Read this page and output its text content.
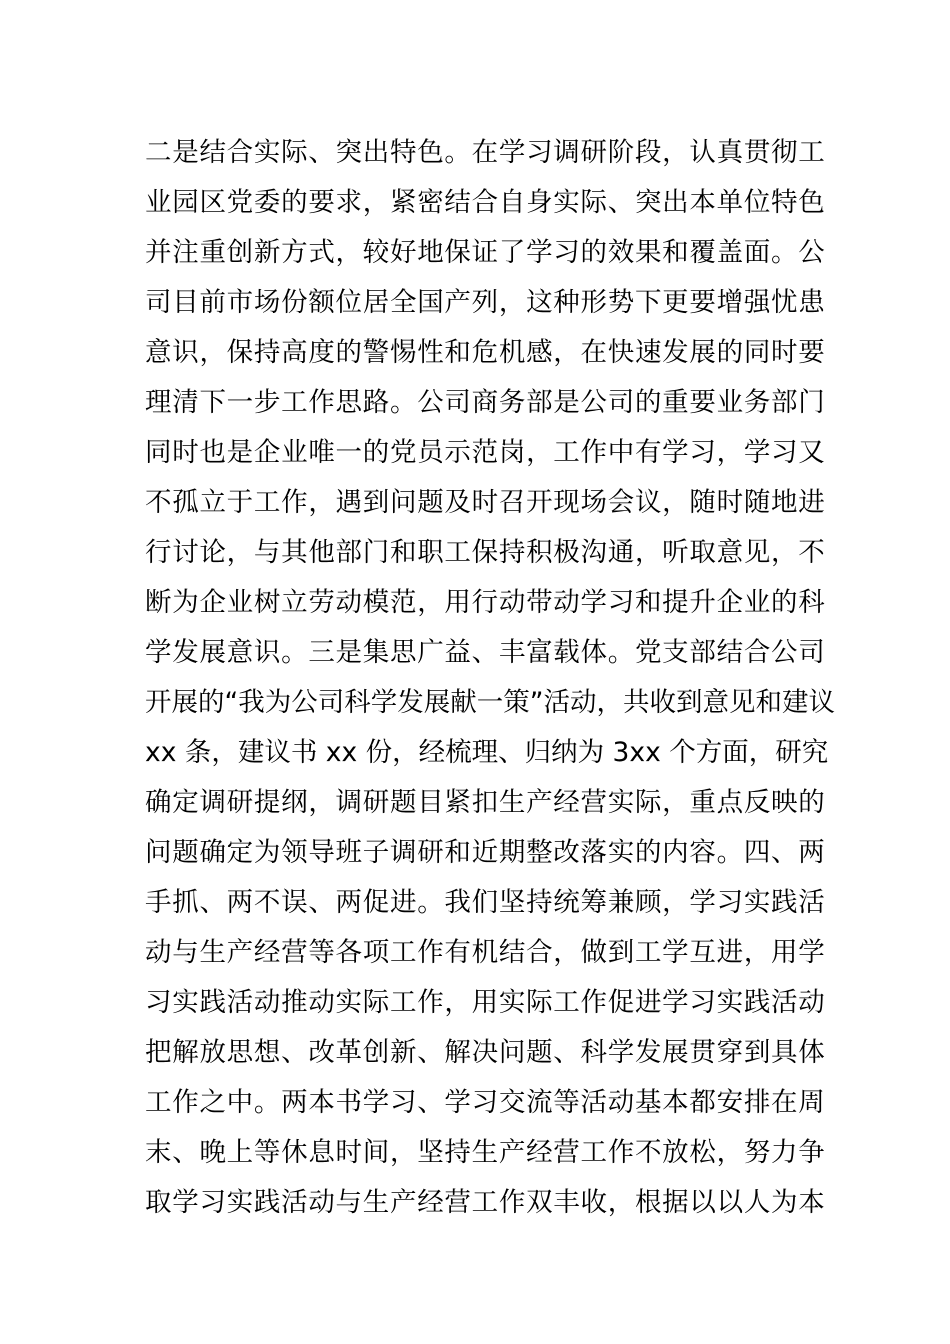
二 是 结 合 实 际 、 突 出 特 色 。 在 学 习 调 研 阶 段 ， 认 真 贯 彻 工
业 园 区 党 委 的 要 求 ， 紧 密 结 合 自 身 实 际 、 突 出 本 单 位 特 色
并 注 重 创 新 方 式 ， 较 好 地 保 证 了 学 习 的 效 果 和 覆 盖 面 。 公
司 目 前 市 场 份 额 位 居 全 国 产 列 ， 这 种 形 势 下 更 要 增 强 忧 患
意 识 ， 保 持 高 度 的 警 惕 性 和 危 机 感 ， 在 快 速 发 展 的 同 时 要
理 清 下 一 步 工 作 思 路 。 公 司 商 务 部 是 公 司 的 重 要 业 务 部 门
同 时 也 是 企 业 唯 一 的 党 员 示 范 岗 ， 工 作 中 有 学 习 ， 学 习 又
不 孤 立 于 工 作 ， 遇 到 问 题 及 时 召 开 现 场 会 议 ， 随 时 随 地 进
行 讨 论 ， 与 其 他 部 门 和 职 工 保 持 积 极 沟 通 ， 听 取 意 见 ， 不
断 为 企 业 树 立 劳 动 模 范 ， 用 行 动 带 动 学 习 和 提 升 企 业 的 科
学 发 展 意 识 。 三 是 集 思 广 益 、 丰 富 载 体 。 党 支 部 结 合 公 司
开 展 的 “ 我 为 公 司 科 学 发 展 献 一 策 ” 活 动 ， 共 收 到 意 见 和 建 议
x x
条 ， 建 议 书
x x
份 ， 经 梳 理 、 归 纳 为
3 x x
个 方 面 ， 研 究
确 定 调 研 提 纲 ， 调 研 题 目 紧 扣 生 产 经 营 实 际 ， 重 点 反 映 的
问 题 确 定 为 领 导 班 子 调 研 和 近 期 整 改 落 实 的 内 容 。 四 、 两
手 抓 、 两 不 误 、 两 促 进 。 我 们 坚 持 统 筹 兼 顾 ， 学 习 实 践 活
动 与 生 产 经 营 等 各 项 工 作 有 机 结 合 ， 做 到 工 学 互 进 ， 用 学
习 实 践 活 动 推 动 实 际 工 作 ， 用 实 际 工 作 促 进 学 习 实 践 活 动
把 解 放 思 想 、 改 革 创 新 、 解 决 问 题 、 科 学 发 展 贯 穿 到 具 体
工 作 之 中 。 两 本 书 学 习 、 学 习 交 流 等 活 动 基 本 都 安 排 在 周
末 、 晚 上 等 休 息 时 间 ， 坚 持 生 产 经 营 工 作 不 放 松 ， 努 力 争
取 学 习 实 践 活 动 与 生 产 经 营 工 作 双 丰 收 ， 根 据 以 以 人 为 本
